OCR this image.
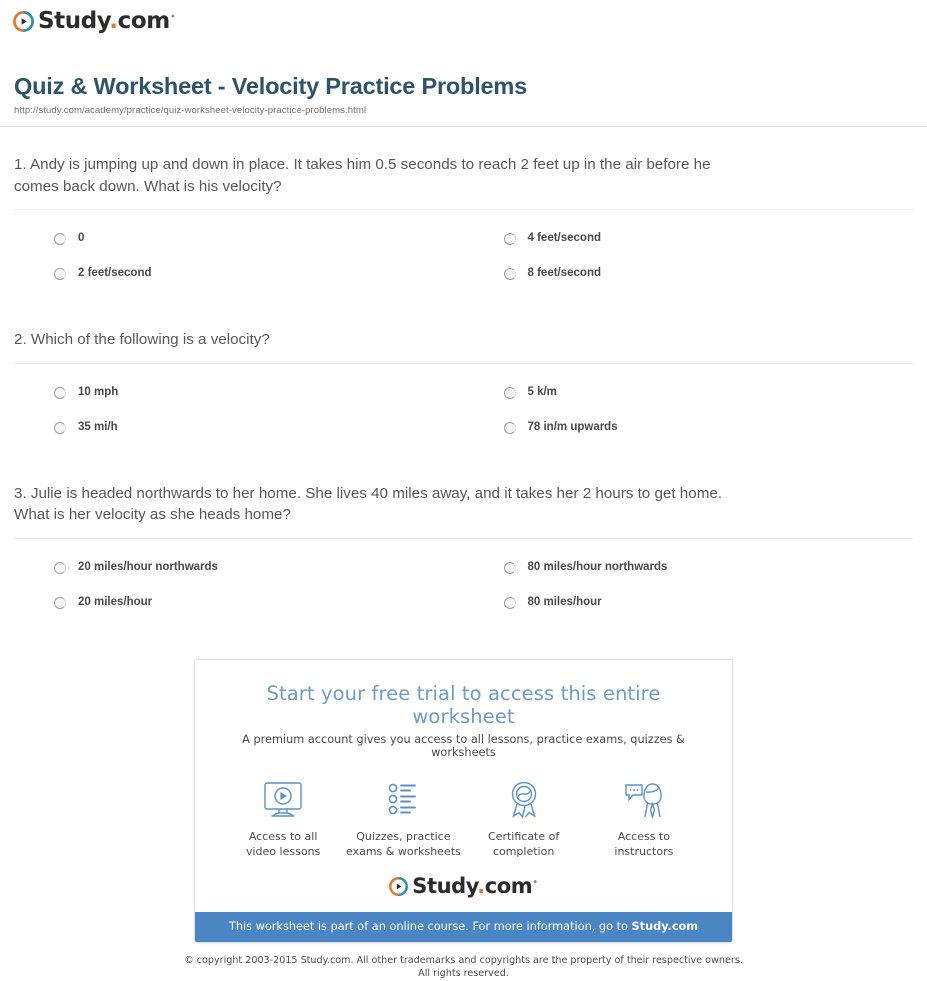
Study.com•
Quiz & Worksheet - Velocity Practice Problems
http://study.com/academy/practice/quiz-worksheet-velocity-practice-problems.html

1. Andy is jumping up and down in place. It takes him 0.5 seconds to reach 2 feet up in the air before he comes back down. What is his velocity?

0	4 feet/second
2 feet/second	8 feet/second

2. Which of the following is a velocity?

10 mph	5 k/m
35 mi/h	78 in/m upwards

3. Julie is headed northwards to her home. She lives 40 miles away, and it takes her 2 hours to get home. What is her velocity as she heads home?

20 miles/hour northwards	80 miles/hour northwards
20 miles/hour	80 miles/hour
Start your free trial to access this entire worksheet
A premium account gives you access to all lessons, practice exams, quizzes & worksheets
Access to all
video lessons
Quizzes, practice
exams & worksheets
Certificate of
completion
Access to
instructors
Study.com•
This worksheet is part of an online course. For more information, go to Study.com
© copyright 2003-2015 Study.com. All other trademarks and copyrights are the property of their respective owners.
All rights reserved.
